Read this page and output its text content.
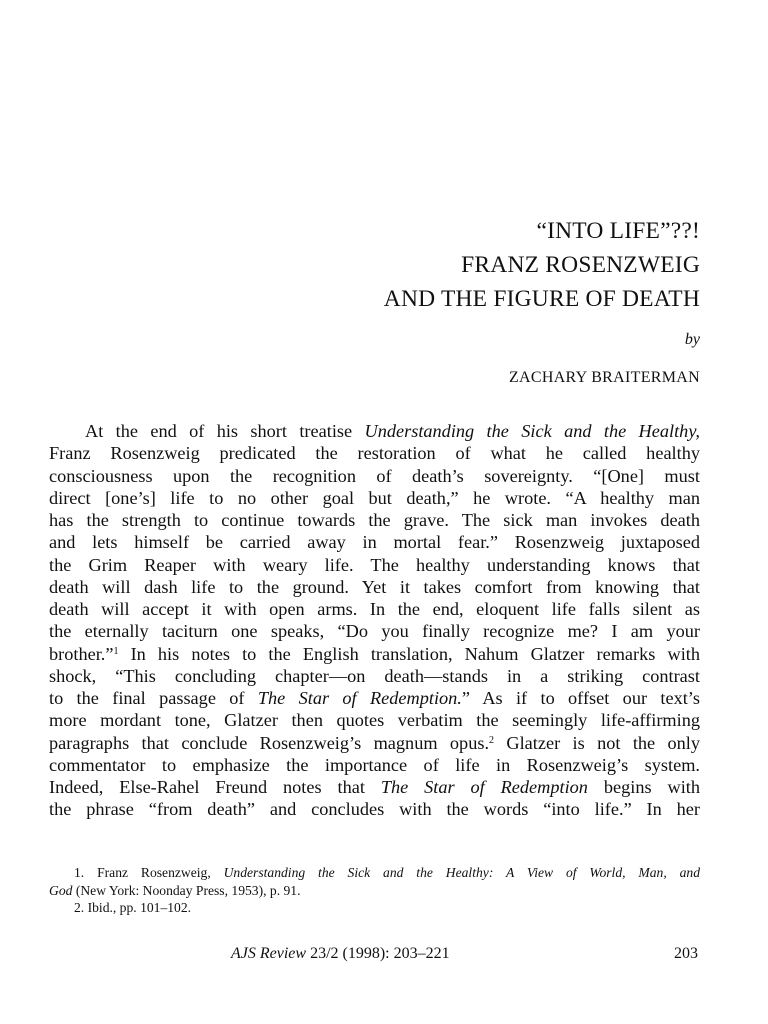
“INTO LIFE”??!
FRANZ ROSENZWEIG
AND THE FIGURE OF DEATH
by
ZACHARY BRAITERMAN
At the end of his short treatise Understanding the Sick and the Healthy,
Franz Rosenzweig predicated the restoration of what he called healthy
consciousness upon the recognition of death’s sovereignty. “[One] must
direct [one’s] life to no other goal but death,” he wrote. “A healthy man
has the strength to continue towards the grave. The sick man invokes death
and lets himself be carried away in mortal fear.” Rosenzweig juxtaposed
the Grim Reaper with weary life. The healthy understanding knows that
death will dash life to the ground. Yet it takes comfort from knowing that
death will accept it with open arms. In the end, eloquent life falls silent as
the eternally taciturn one speaks, “Do you finally recognize me? I am your
brother.”$^1$ In his notes to the English translation, Nahum Glatzer remarks with
shock, “This concluding chapter—on death—stands in a striking contrast
to the final passage of The Star of Redemption.” As if to offset our text’s
more mordant tone, Glatzer then quotes verbatim the seemingly life-affirming
paragraphs that conclude Rosenzweig’s magnum opus.$^2$ Glatzer is not the only
commentator to emphasize the importance of life in Rosenzweig’s system.
Indeed, Else-Rahel Freund notes that The Star of Redemption begins with
the phrase “from death” and concludes with the words “into life.” In her
1. Franz Rosenzweig, Understanding the Sick and the Healthy: A View of World, Man, and
God (New York: Noonday Press, 1953), p. 91.
2. Ibid., pp. 101–102.
AJS Review 23/2 (1998): 203–221	203
